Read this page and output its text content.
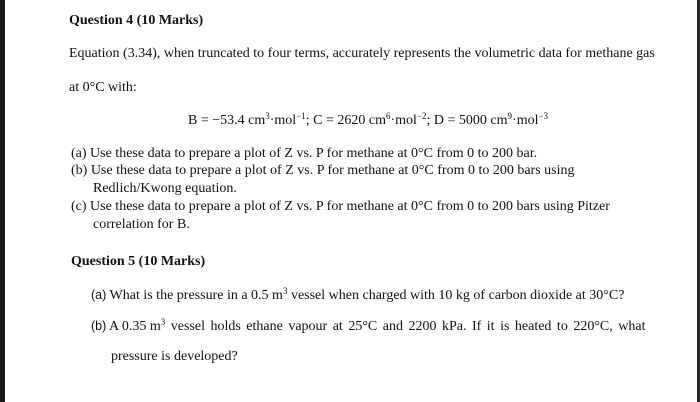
Question 4 (10 Marks)
Equation (3.34), when truncated to four terms, accurately represents the volumetric data for methane gas
at 0°C with:
B = −53.4 $cm^3\cdot mol^{-1}$; C = 2620 $cm^6\cdot mol^{-2}$; D = 5000 $cm^9\cdot mol^{-3}$
(a) Use these data to prepare a plot of Z vs. P for methane at 0°C from 0 to 200 bar.
(b) Use these data to prepare a plot of Z vs. P for methane at 0°C from 0 to 200 bars using
Redlich/Kwong equation.
(c) Use these data to prepare a plot of Z vs. P for methane at 0°C from 0 to 200 bars using Pitzer
correlation for B.
Question 5 (10 Marks)
(a) What is the pressure in a 0.5 $m^3$ vessel when charged with 10 kg of carbon dioxide at 30°C?
(b) A 0.35 $m^3$ vessel holds ethane vapour at 25°C and 2200 kPa. If it is heated to 220°C, what
pressure is developed?
